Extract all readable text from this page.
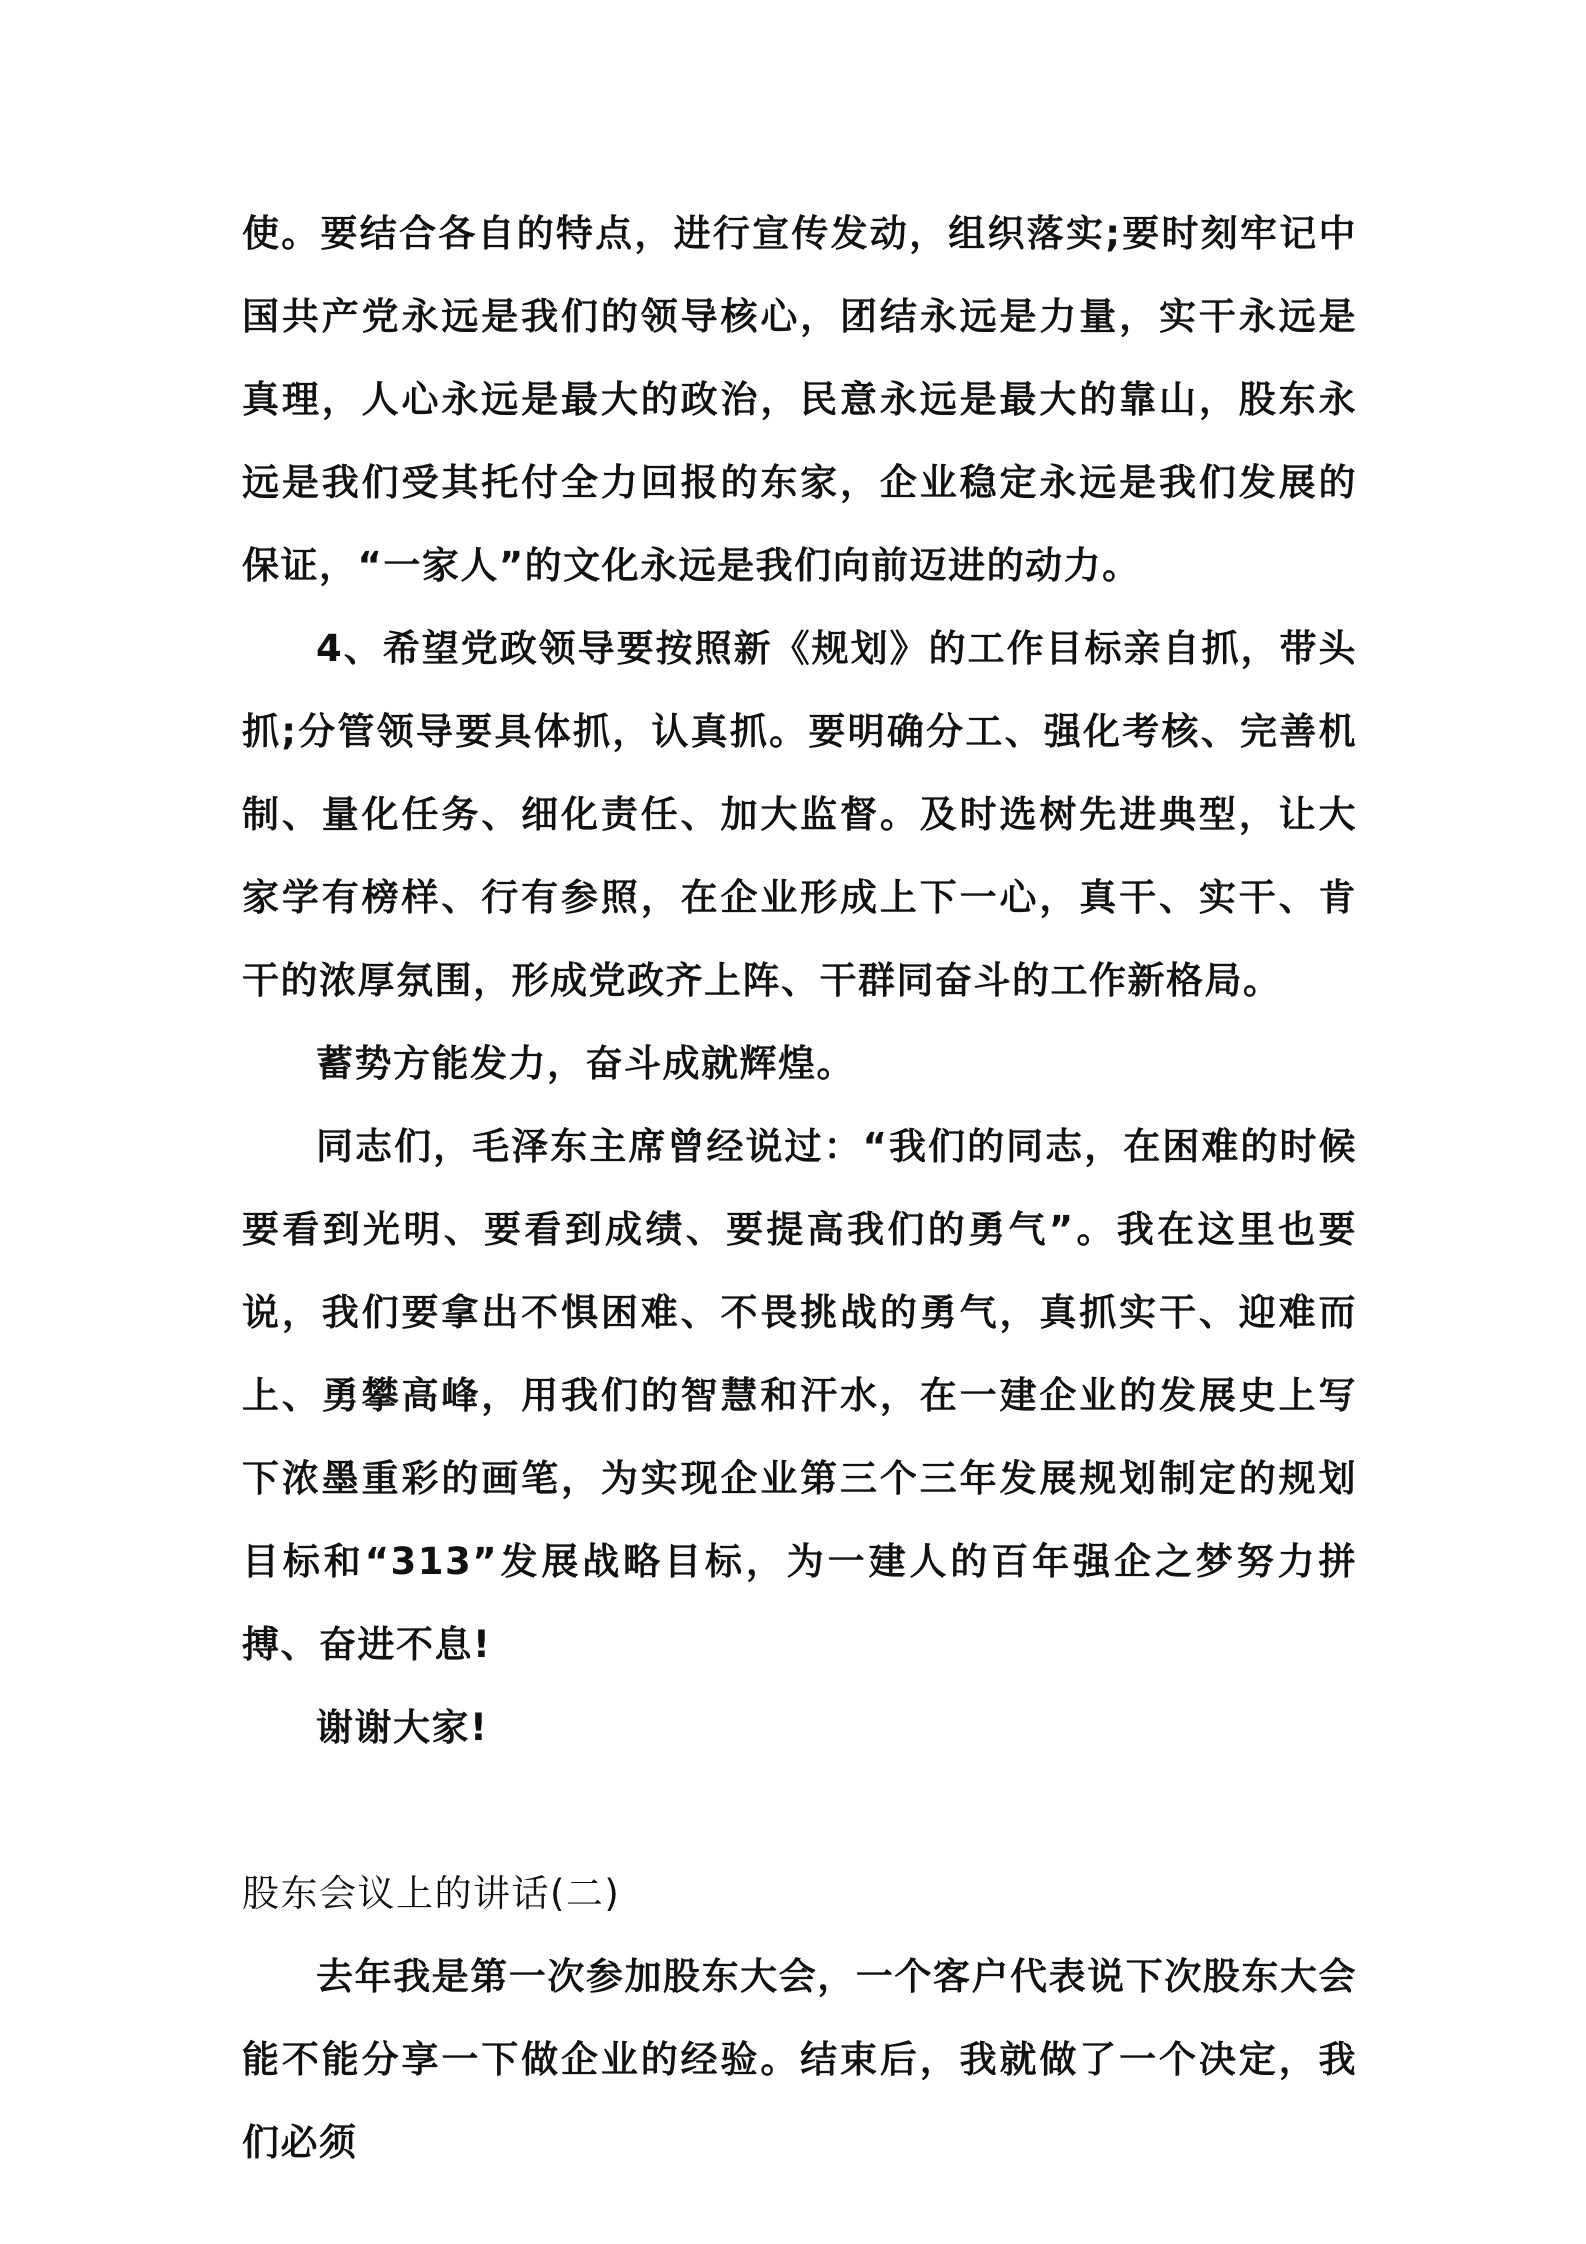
使。要结合各自的特点，进行宣传发动，组织落实;要时刻牢记中国共产党永远是我们的领导核心，团结永远是力量，实干永远是真理，人心永远是最大的政治，民意永远是最大的靠山，股东永远是我们受其托付全力回报的东家，企业稳定永远是我们发展的保证，“一家人”的文化永远是我们向前迈进的动力。

4、希望党政领导要按照新《规划》的工作目标亲自抓，带头抓;分管领导要具体抓，认真抓。要明确分工、强化考核、完善机制、量化任务、细化责任、加大监督。及时选树先进典型，让大家学有榜样、行有参照，在企业形成上下一心，真干、实干、肯干的浓厚氛围，形成党政齐上阵、干群同奋斗的工作新格局。

蓄势方能发力，奋斗成就辉煌。

同志们，毛泽东主席曾经说过：“我们的同志，在困难的时候要看到光明、要看到成绩、要提高我们的勇气”。我在这里也要说，我们要拿出不惧困难、不畏挑战的勇气，真抓实干、迎难而上、勇攀高峰，用我们的智慧和汗水，在一建企业的发展史上写下浓墨重彩的画笔，为实现企业第三个三年发展规划制定的规划目标和“313”发展战略目标，为一建人的百年强企之梦努力拼搏、奋进不息!

谢谢大家!

股东会议上的讲话(二)

去年我是第一次参加股东大会，一个客户代表说下次股东大会能不能分享一下做企业的经验。结束后，我就做了一个决定，我们必须
